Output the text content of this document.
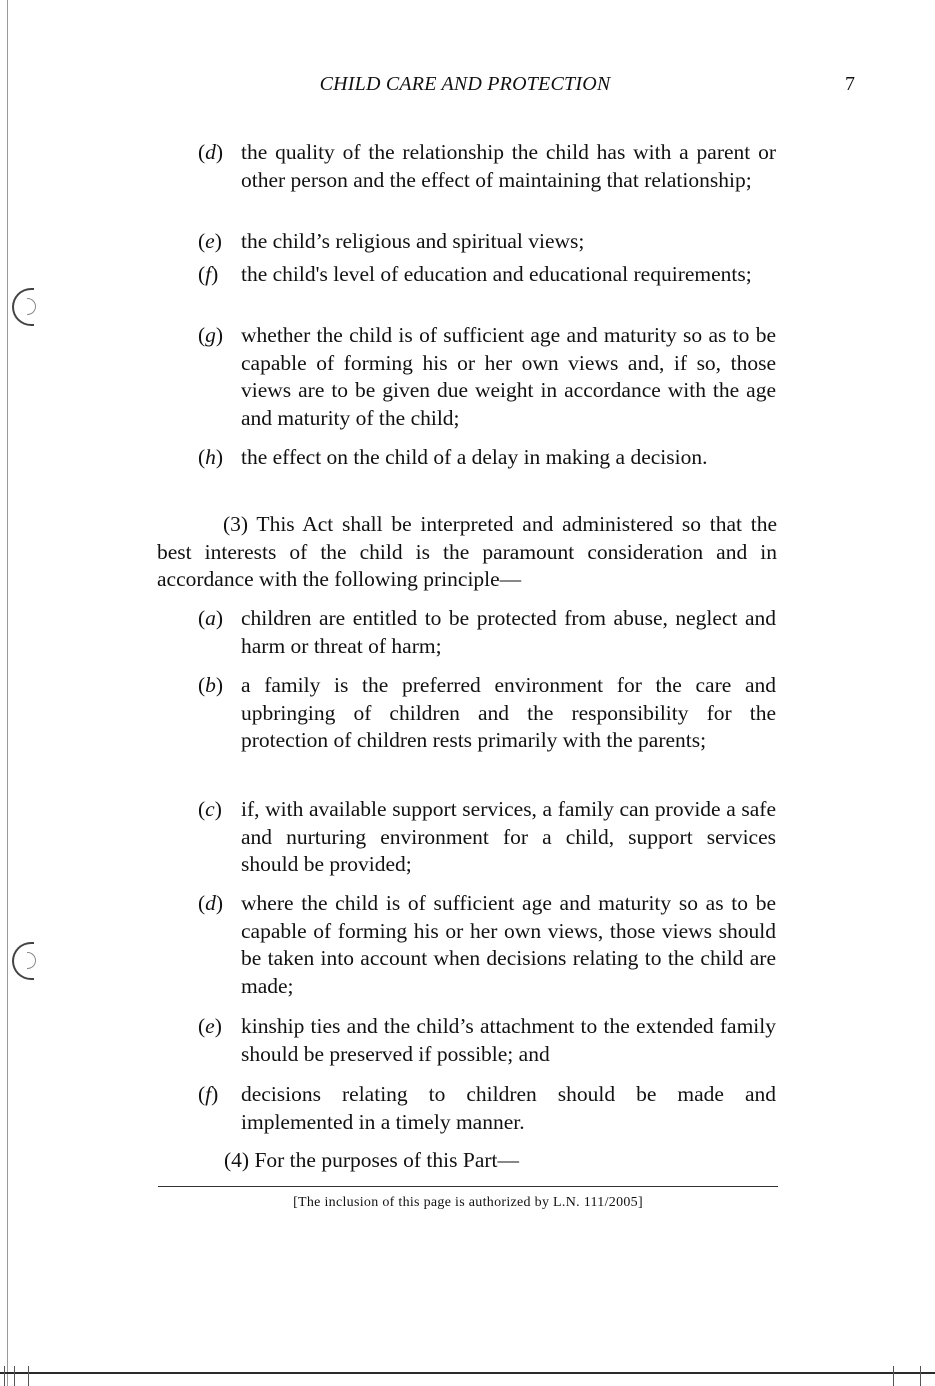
CHILD CARE AND PROTECTION	7
(d) the quality of the relationship the child has with a parent or other person and the effect of maintaining that relationship;
(e) the child’s religious and spiritual views;
(f) the child's level of education and educational requirements;
(g) whether the child is of sufficient age and maturity so as to be capable of forming his or her own views and, if so, those views are to be given due weight in accordance with the age and maturity of the child;
(h) the effect on the child of a delay in making a decision.
(3) This Act shall be interpreted and administered so that the best interests of the child is the paramount consideration and in accordance with the following principle—
(a) children are entitled to be protected from abuse, neglect and harm or threat of harm;
(b) a family is the preferred environment for the care and upbringing of children and the responsibility for the protection of children rests primarily with the parents;
(c) if, with available support services, a family can provide a safe and nurturing environment for a child, support services should be provided;
(d) where the child is of sufficient age and maturity so as to be capable of forming his or her own views, those views should be taken into account when decisions relating to the child are made;
(e) kinship ties and the child’s attachment to the extended family should be preserved if possible; and
(f) decisions relating to children should be made and implemented in a timely manner.
(4) For the purposes of this Part—
[The inclusion of this page is authorized by L.N. 111/2005]
